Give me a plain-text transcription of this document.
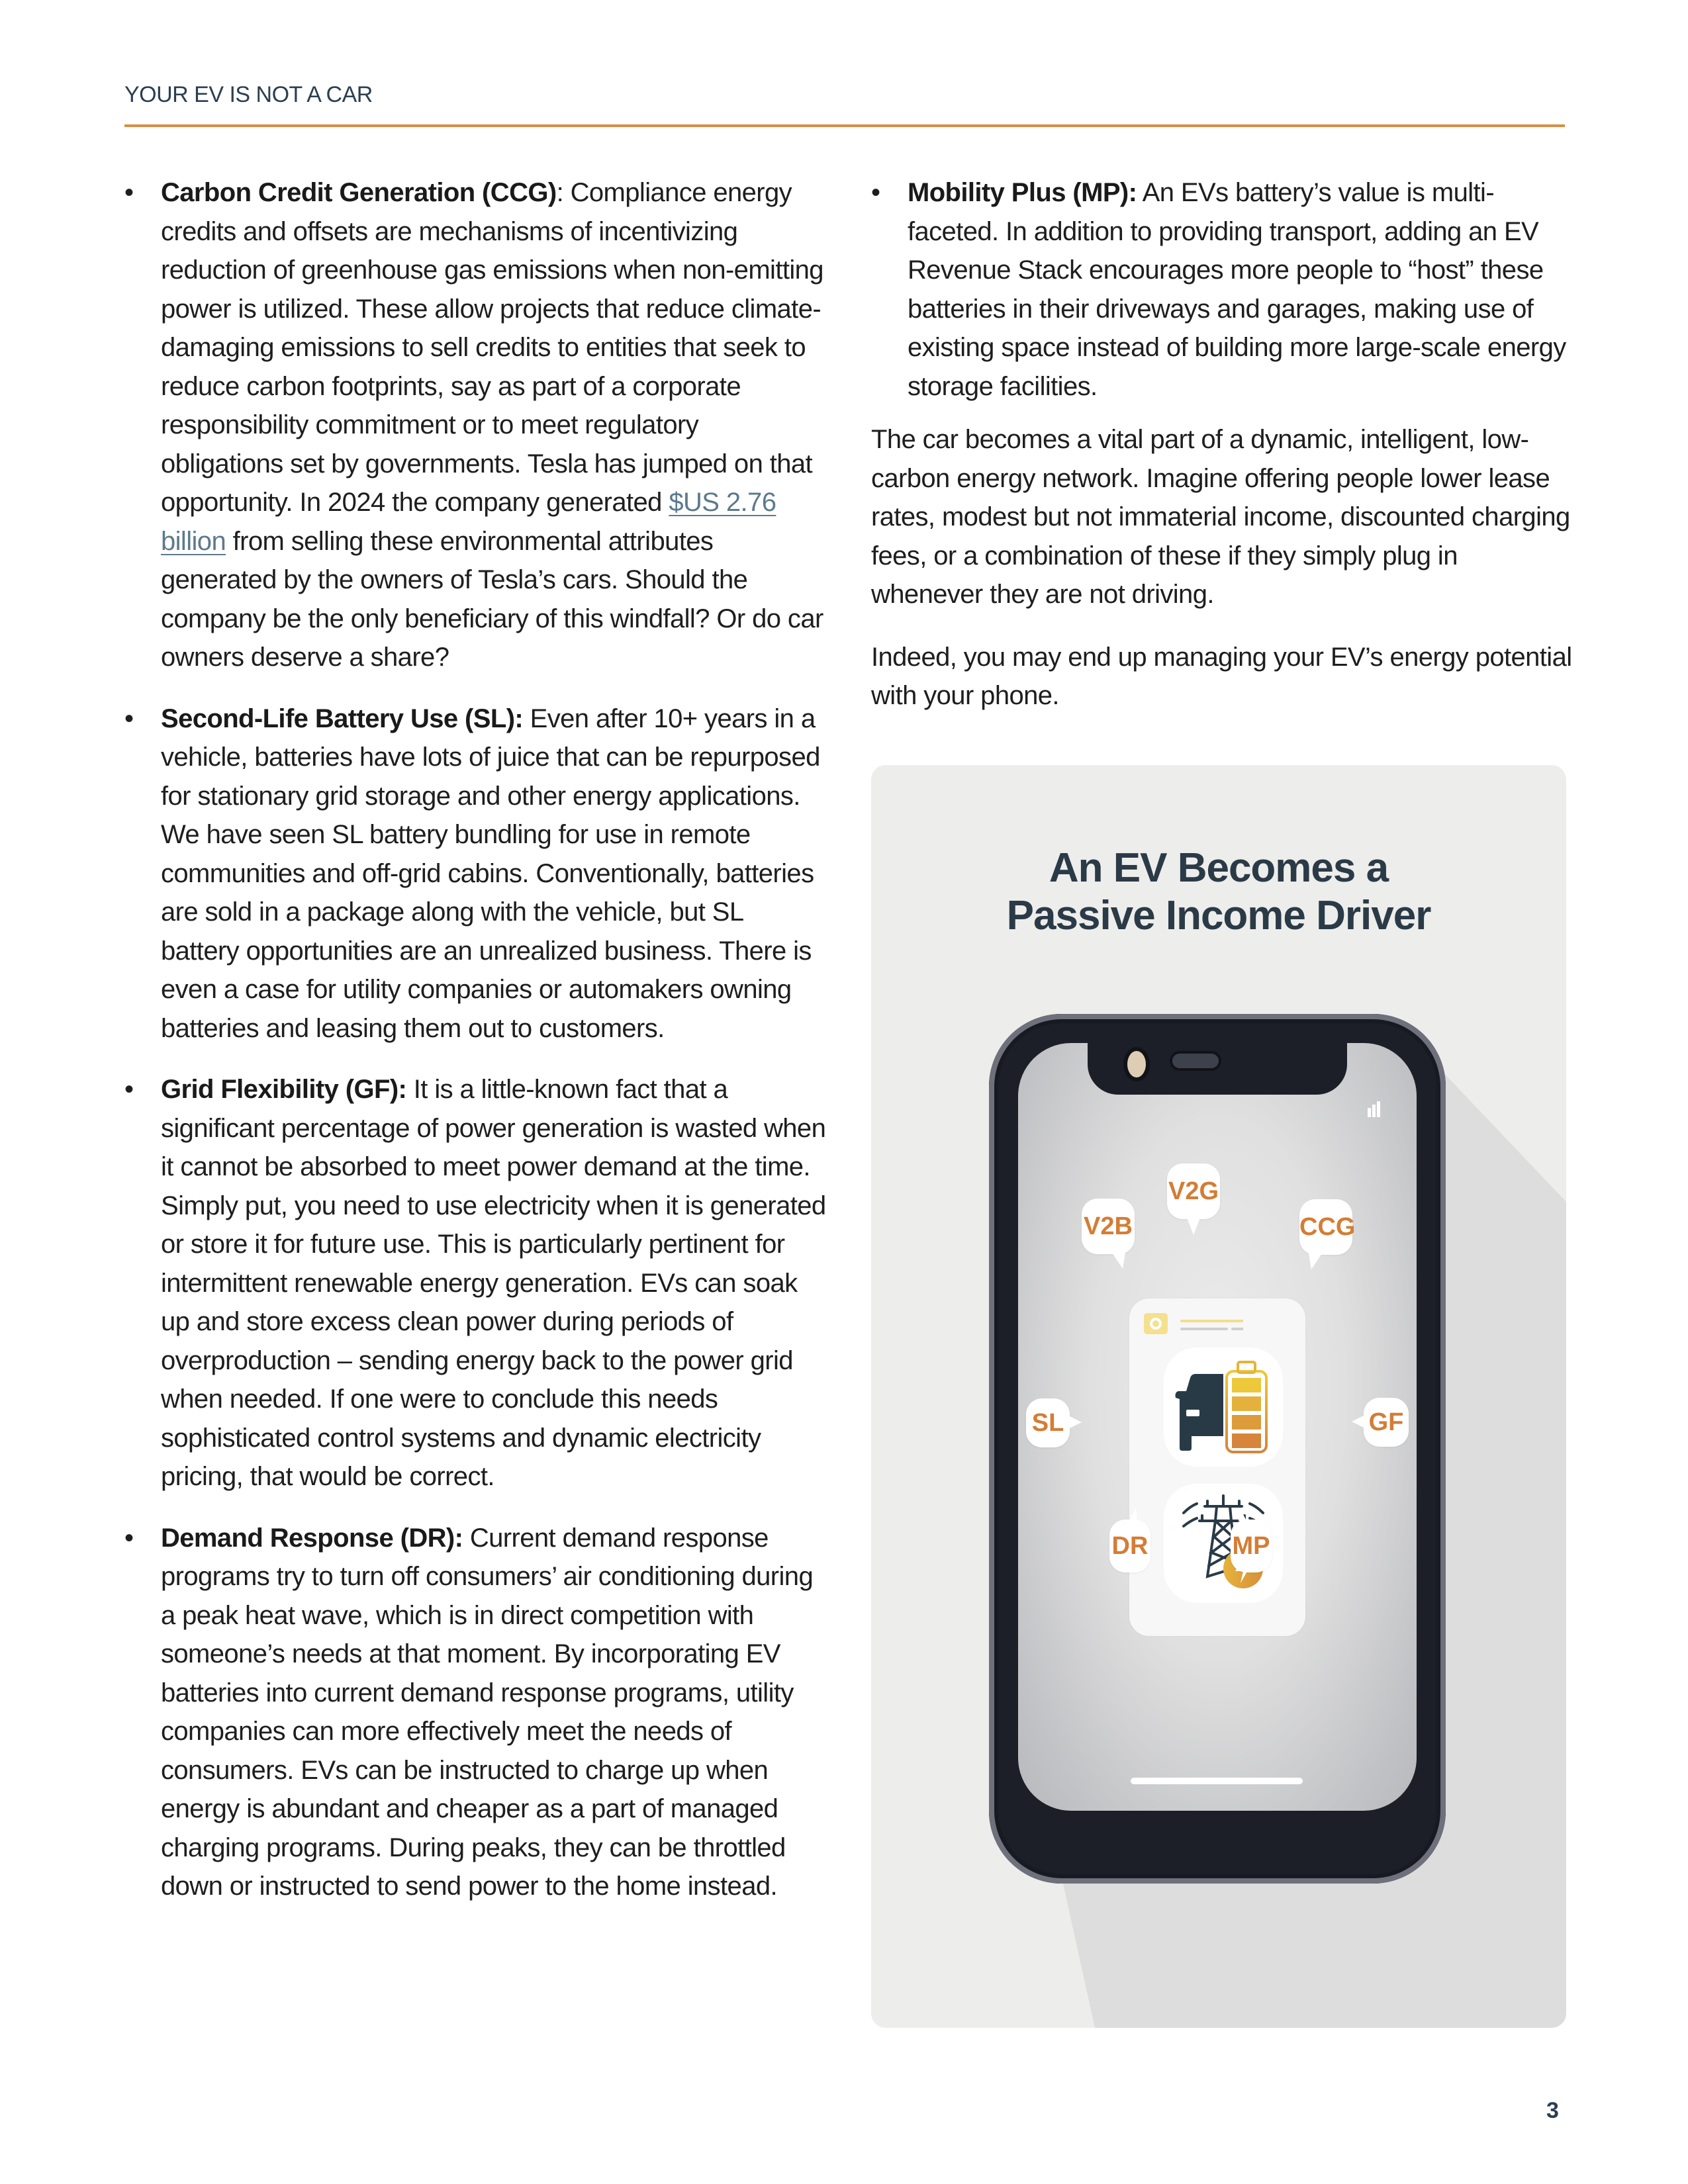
YOUR EV IS NOT A CAR
• Carbon Credit Generation (CCG): Compliance energy credits and offsets are mechanisms of incentivizing reduction of greenhouse gas emissions when non-emitting power is utilized. These allow projects that reduce climate-damaging emissions to sell credits to entities that seek to reduce carbon footprints, say as part of a corporate responsibility commitment or to meet regulatory obligations set by governments. Tesla has jumped on that opportunity. In 2024 the company generated $US 2.76 billion from selling these environmental attributes generated by the owners of Tesla’s cars. Should the company be the only beneficiary of this windfall? Or do car owners deserve a share?

• Second-Life Battery Use (SL): Even after 10+ years in a vehicle, batteries have lots of juice that can be repurposed for stationary grid storage and other energy applications. We have seen SL battery bundling for use in remote communities and off-grid cabins. Conventionally, batteries are sold in a package along with the vehicle, but SL battery opportunities are an unrealized business. There is even a case for utility companies or automakers owning batteries and leasing them out to customers.

• Grid Flexibility (GF): It is a little-known fact that a significant percentage of power generation is wasted when it cannot be absorbed to meet power demand at the time. Simply put, you need to use electricity when it is generated or store it for future use. This is particularly pertinent for intermittent renewable energy generation. EVs can soak up and store excess clean power during periods of overproduction – sending energy back to the power grid when needed. If one were to conclude this needs sophisticated control systems and dynamic electricity pricing, that would be correct.

• Demand Response (DR): Current demand response programs try to turn off consumers’ air conditioning during a peak heat wave, which is in direct competition with someone’s needs at that moment. By incorporating EV batteries into current demand response programs, utility companies can more effectively meet the needs of consumers. EVs can be instructed to charge up when energy is abundant and cheaper as a part of managed charging programs. During peaks, they can be throttled down or instructed to send power to the home instead.

• Mobility Plus (MP): An EVs battery’s value is multi-faceted. In addition to providing transport, adding an EV Revenue Stack encourages more people to “host” these batteries in their driveways and garages, making use of existing space instead of building more large-scale energy storage facilities.

The car becomes a vital part of a dynamic, intelligent, low-carbon energy network. Imagine offering people lower lease rates, modest but not immaterial income, discounted charging fees, or a combination of these if they simply plug in whenever they are not driving.

Indeed, you may end up managing your EV’s energy potential with your phone.

An EV Becomes a
Passive Income Driver
V2G
V2B	CCG
SL	GF
DR	MP
3
